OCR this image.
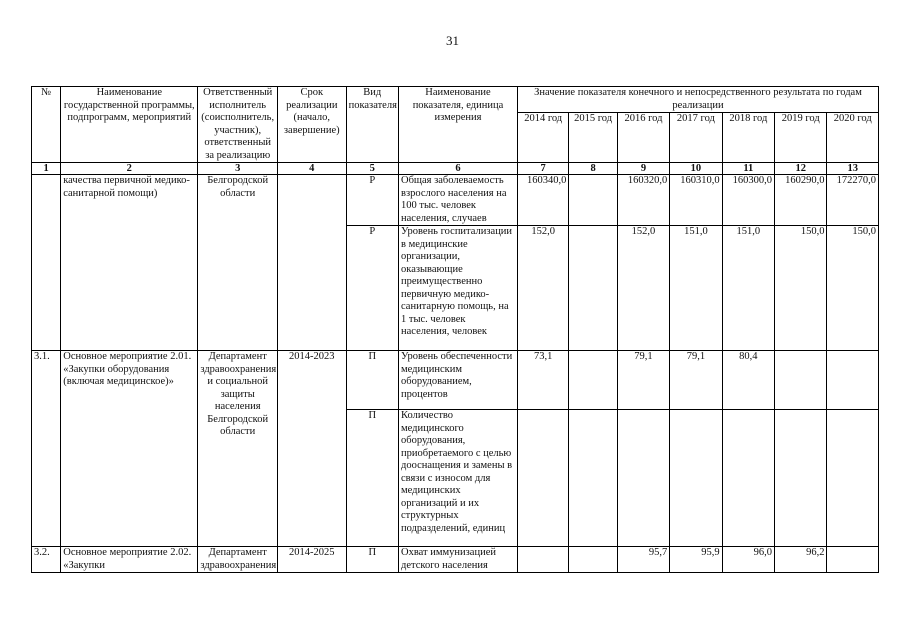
31
№	Наименование государственной программы, подпрограмм, мероприятий	Ответственный исполнитель (соисполнитель, участник), ответственный за реализацию	Срок реализации (начало, завершение)	Вид показателя	Наименование показателя, единица измерения	Значение показателя конечного и непосредственного результата по годам реализации						
						2014 год	2015 год	2016 год	2017 год	2018 год	2019 год	2020 год
1	2	3	4	5	6	7	8	9	10	11	12	13
	качества первичной медико-санитарной помощи)	Белгородской области		Р	Общая заболеваемость взрослого населения на 100 тыс. человек населения, случаев	160340,0		160320,0	160310,0	160300,0	160290,0	172270,0
				Р	Уровень госпитализации в медицинские организации, оказывающие преимущественно первичную медико-санитарную помощь, на 1 тыс. человек населения, человек	152,0		152,0	151,0	151,0	150,0	150,0
3.1.	Основное мероприятие 2.01. «Закупки оборудования (включая медицинское)»	Департамент здравоохранения и социальной защиты населения Белгородской области	2014-2023	П	Уровень обеспеченности медицинским оборудованием, процентов	73,1		79,1	79,1	80,4		
				П	Количество медицинского оборудования, приобретаемого с целью дооснащения и замены в связи с износом для медицинских организаций и их структурных подразделений, единиц							
3.2.	Основное мероприятие 2.02. «Закупки	Департамент здравоохранения	2014-2025	П	Охват иммунизацией детского населения			95,7	95,9	96,0	96,2	
